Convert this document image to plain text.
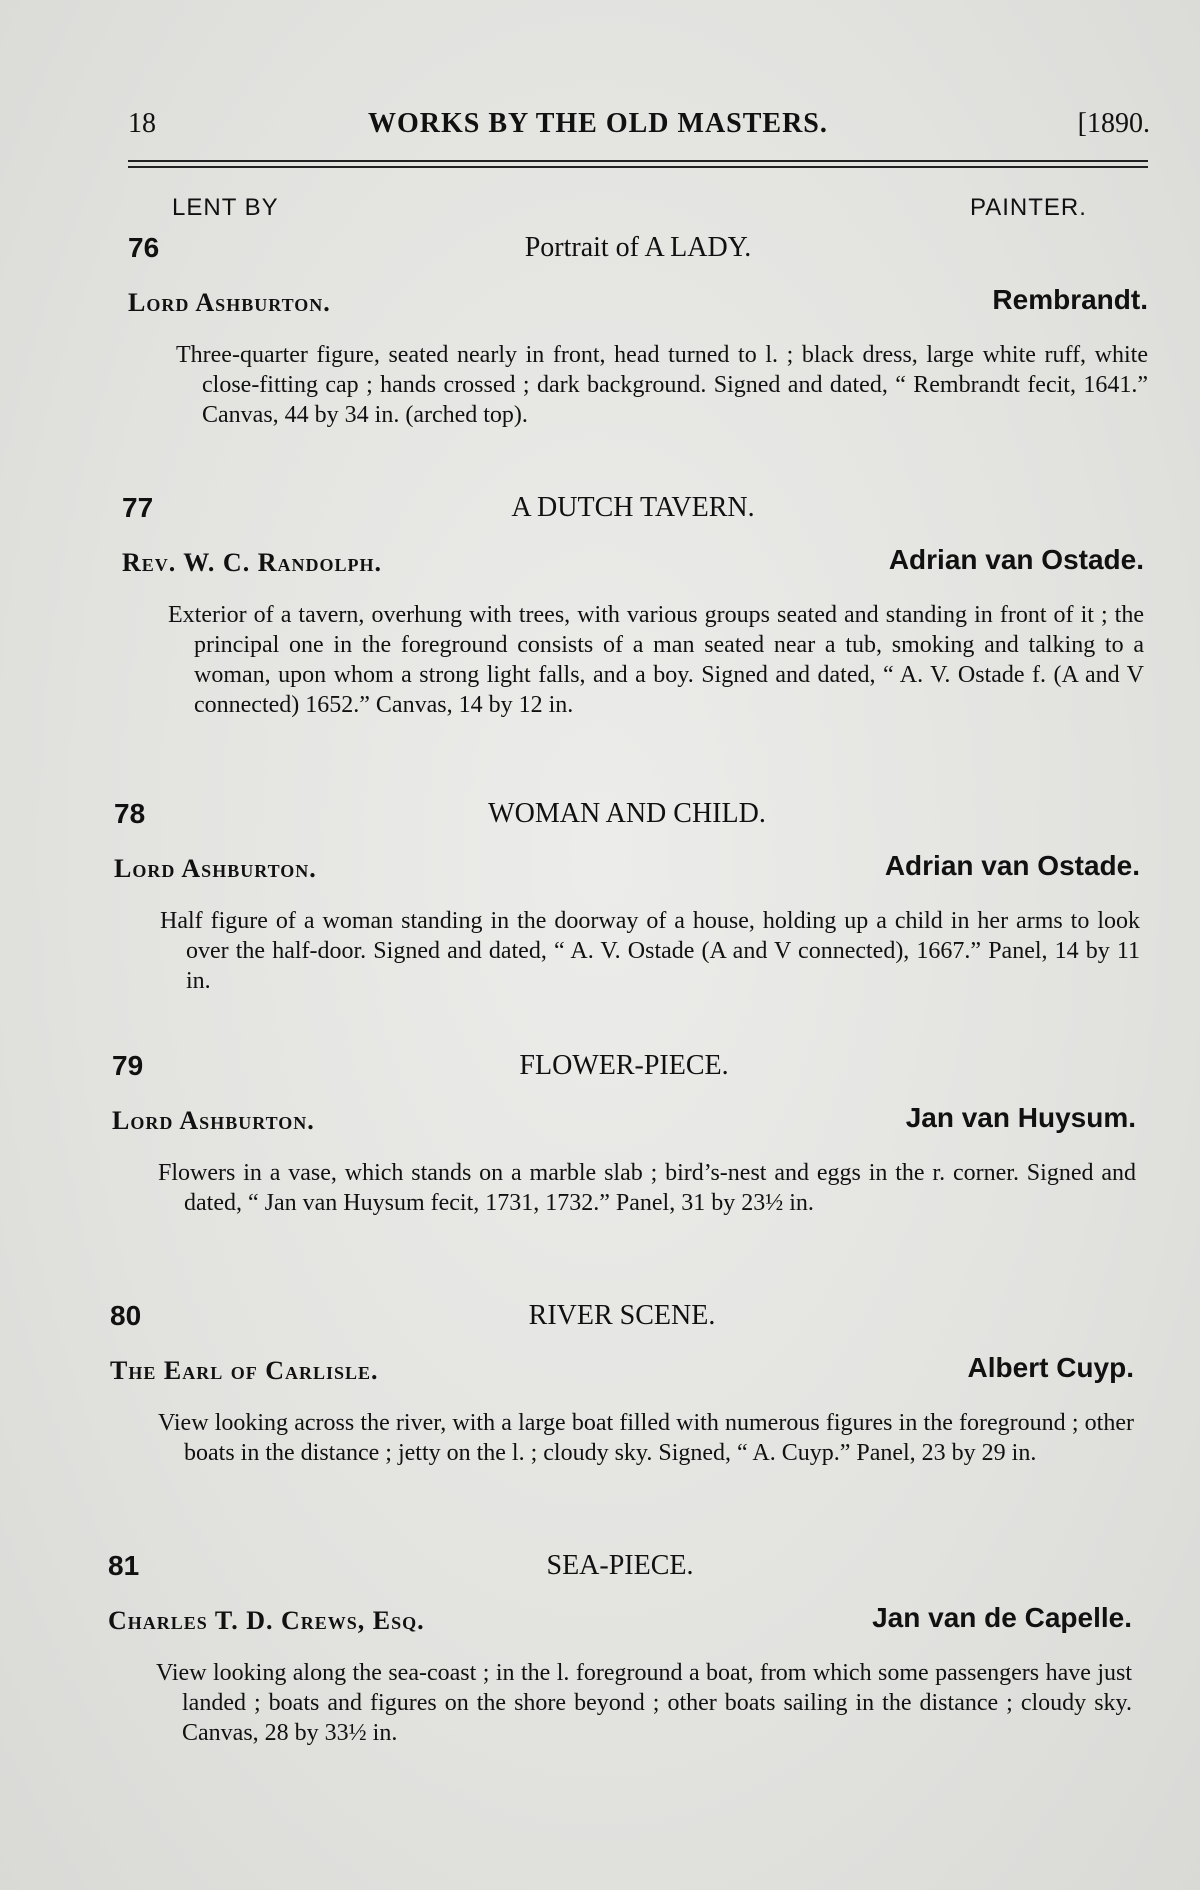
18	WORKS BY THE OLD MASTERS.	[1890.
LENT BY	PAINTER.
76	Portrait of A LADY.
Lord Ashburton.	Rembrandt.

Three-quarter figure, seated nearly in front, head turned to l. ; black dress, large white ruff, white close-fitting cap ; hands crossed ; dark background. Signed and dated, “ Rembrandt fecit, 1641.” Canvas, 44 by 34 in. (arched top).

77	A DUTCH TAVERN.
Rev. W. C. Randolph.	Adrian van Ostade.

Exterior of a tavern, overhung with trees, with various groups seated and standing in front of it ; the principal one in the foreground consists of a man seated near a tub, smoking and talking to a woman, upon whom a strong light falls, and a boy. Signed and dated, “ A. V. Ostade f. (A and V connected) 1652.” Canvas, 14 by 12 in.

78	WOMAN AND CHILD.
Lord Ashburton.	Adrian van Ostade.

Half figure of a woman standing in the doorway of a house, holding up a child in her arms to look over the half-door. Signed and dated, “ A. V. Ostade (A and V connected), 1667.” Panel, 14 by 11 in.

79	FLOWER-PIECE.
Lord Ashburton.	Jan van Huysum.

Flowers in a vase, which stands on a marble slab ; bird’s-nest and eggs in the r. corner. Signed and dated, “ Jan van Huysum fecit, 1731, 1732.” Panel, 31 by 23½ in.

80	RIVER SCENE.
The Earl of Carlisle.	Albert Cuyp.

View looking across the river, with a large boat filled with numerous figures in the foreground ; other boats in the distance ; jetty on the l. ; cloudy sky. Signed, “ A. Cuyp.” Panel, 23 by 29 in.

81	SEA-PIECE.
Charles T. D. Crews, Esq.	Jan van de Capelle.

View looking along the sea-coast ; in the l. foreground a boat, from which some passengers have just landed ; boats and figures on the shore beyond ; other boats sailing in the distance ; cloudy sky. Canvas, 28 by 33½ in.
